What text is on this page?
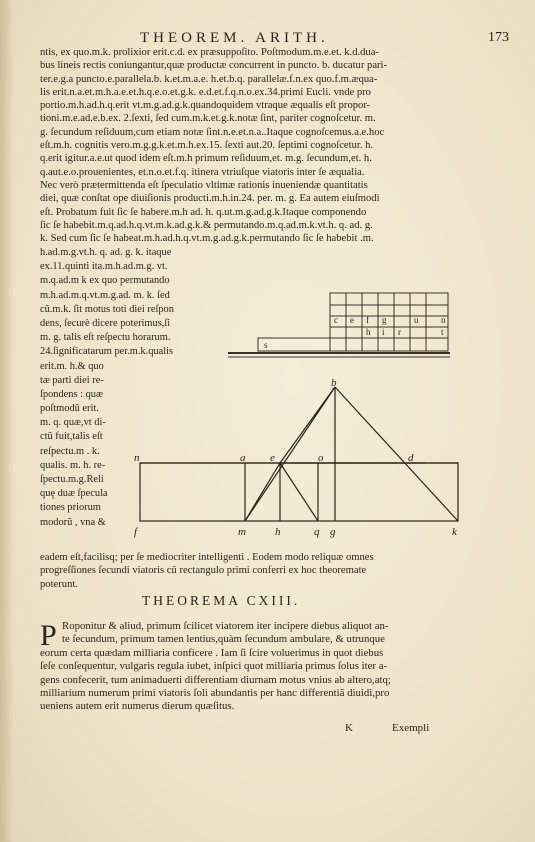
THEOREM. ARITH.	173
ntis, ex quo.m.k. prolixior erit.c.d. ex præsuppoſito. Poſtmodum.m.e.et. k.d.dua-
bus lineis rectis coniungantur,quæ productæ concurrent in puncto. b. ducatur pari-
ter.e.g.a puncto.e.parallela.b. k.et.m.a.e. h.et.b.q. parallelæ.f.n.ex quo.f.m.æqua-
lis erit.n.a.et.m.h.a.e.et.h.q.e.o.et.g.k. e.d.et.f.q.n.o.ex.34.primi Eucli. vnde pro
portio.m.h.ad.h.q.erit vt.m.g.ad.g.k.quandoquidem vtraque æqualis eſt propor-
tioni.m.e.ad.e.b.ex. 2.ſexti, ſed cum.m.k.et.g.k.notæ ſint, pariter cognoſcetur. m.
g. ſecundum reſiduum,cum etiam notæ ſint.n.e.et.n.a..Itaque cognoſcemus.a.e.hoc
eſt.m.h. cognitis vero.m.g.g.k.et.m.h.ex.15. ſexti aut.20. ſeptimi cognoſcetur. h.
q.erit igitur.a.e.ut quod idem eſt.m.h primum reſiduum,et. m.g. ſecundum,et. h.
q.aut.e.o.prouenientes, et.n.o.et.f.q. itinera vtriuſque viatoris inter ſe æqualia.
Nec verò prætermittenda eſt ſpeculatio vltimæ rationis inueniendæ quantitatis
diei, quæ conſtat ope diuiſionis producti.m.h.in.24. per. m. g. Ea autem eiuſmodi
eſt. Probatum fuit ſic ſe habere.m.h ad. h. q.ut.m.g.ad.g.k.Itaque componendo
ſic ſe habebit.m.q.ad.h.q.vt.m.k.ad.g.k.& permutando.m.q.ad.m.k.vt.h. q. ad. g.
k. Sed cum ſic ſe habeat.m.h.ad.h.q.vt.m.g.ad.g.k.permutando ſic ſe habebit .m.
h.ad.m.g.vt.h. q. ad. g. k. itaque
ex.11.quinti ita.m.h.ad.m.g. vt.
m.q.ad.m k ex quo permutando
m.h.ad.m.q.vt.m.g.ad. m. k. ſed
cũ.m.k. ſit motus toti diei reſpon
dens, ſecurè dicere poterimus,ſi
m. g. talis eſt reſpectu horarum.
24.ſignificatarum per.m.k.qualis
erit.m. h.& quo
tæ parti diei re-
ſpondens : quæ
poſtmodũ erit.
m. q. quæ,vt di-
ctũ fuit,talis eſt
reſpectu.m . k.
qualis. m. h. re-
ſpectu.m.g.Reli
quę duæ ſpecula
tiones priorum
modorũ , vna &
s
n
t
e f g
h i
c
r
u
b
n	a e	o	d
f	m	h	q g	k
eadem eſt,facilisq; per ſe mediocriter intelligenti . Eodem modo reliquæ omnes
progreſſiones ſecundi viatoris cũ rectangulo primi conferri ex hoc theoremate
poterunt.
THEOREMA CXIII.
P Roponitur & aliud, primum ſcilicet viatorem iter incipere diebus aliquot an-
te ſecundum, primum tamen lentius,quàm ſecundum ambulare, & utrunque
eorum certa quædam milliaria conficere . Iam ſi ſcire voluerimus in quot diebus
ſeſe conſequentur, vulgaris regula iubet, inſpici quot milliaria primus ſolus iter a-
gens confecerit, tum animaduerti differentiam diurnam motus vnius ab altero,atq;
milliarium numerum primi viatoris ſoli abundantis per hanc differentiã diuidi,pro
ueniens autem erit numerus dierum quæſitus.
K	Exempli
